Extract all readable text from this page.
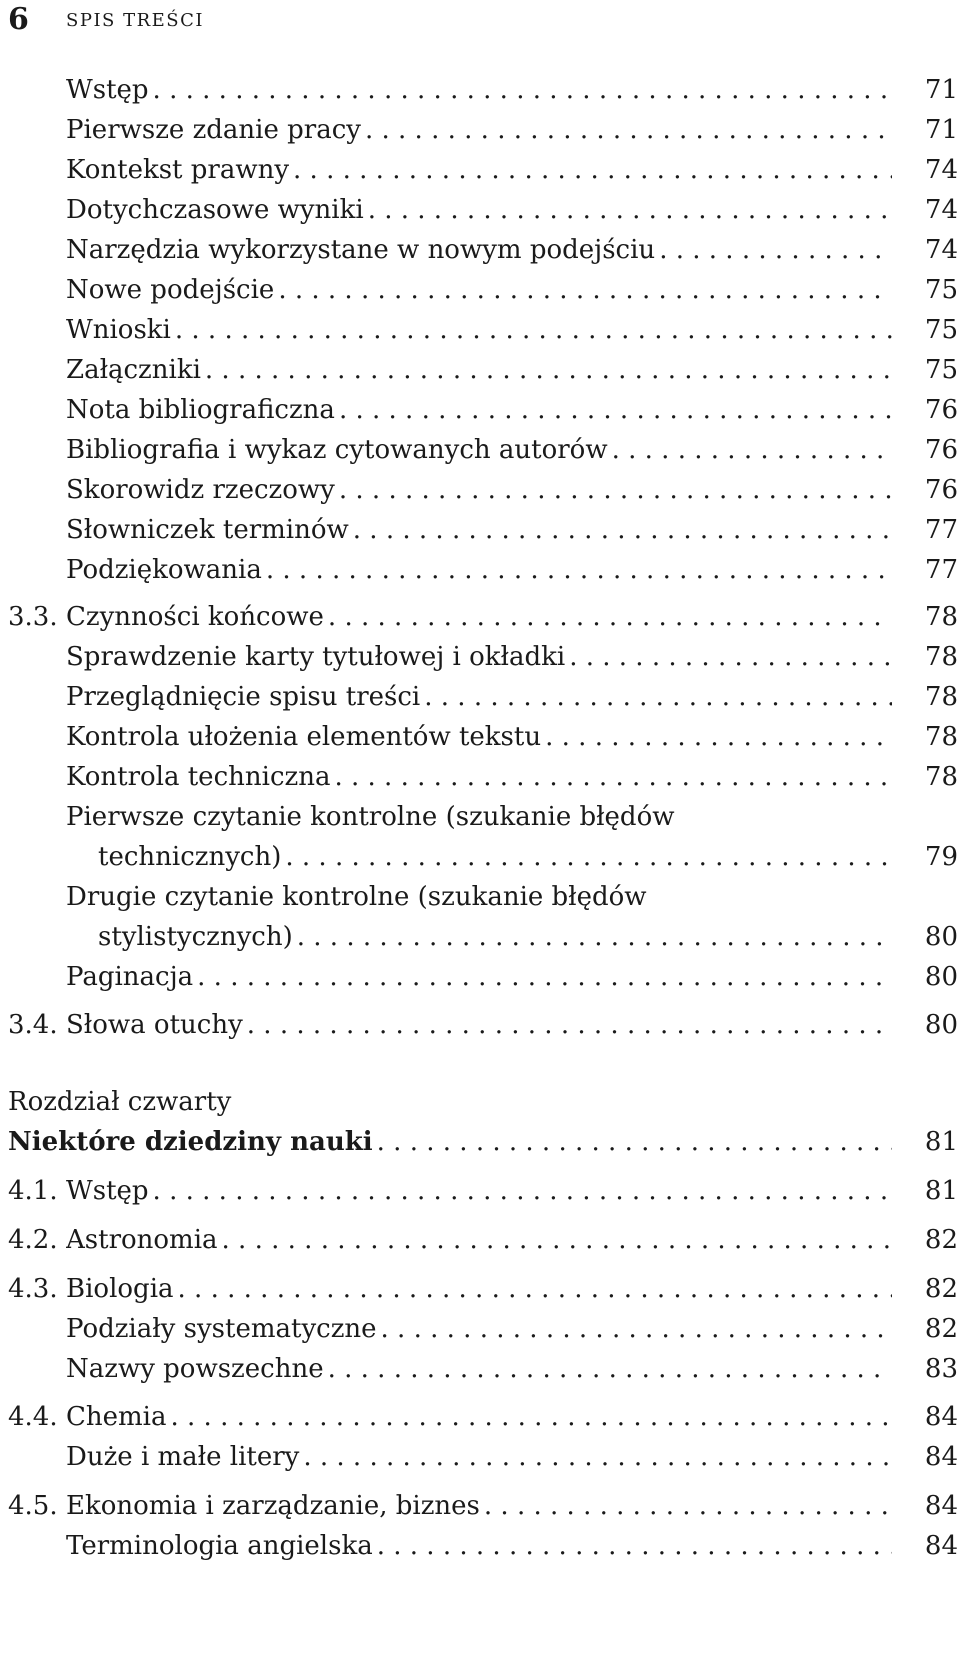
6 SPIS TREŚCI
Wstęp . . .	71
Pierwsze zdanie pracy . . .	71
Kontekst prawny . . .	74
Dotychczasowe wyniki . . .	74
Narzędzia wykorzystane w nowym podejściu . . .	74
Nowe podejście . . .	75
Wnioski . . .	75
Załączniki . . .	75
Nota bibliograficzna . . .	76
Bibliografia i wykaz cytowanych autorów . . .	76
Skorowidz rzeczowy . . .	76
Słowniczek terminów . . .	77
Podziękowania . . .	77
3.3. Czynności końcowe . . .	78
Sprawdzenie karty tytułowej i okładki . . .	78
Przeglądnięcie spisu treści . . .	78
Kontrola ułożenia elementów tekstu . . .	78
Kontrola techniczna . . .	78
Pierwsze czytanie kontrolne (szukanie błędów
technicznych) . . .	79
Drugie czytanie kontrolne (szukanie błędów
stylistycznych) . . .	80
Paginacja . . .	80
3.4. Słowa otuchy . . .	80
Rozdział czwarty
Niektóre dziedziny nauki . . .	81
4.1. Wstęp . . .	81
4.2. Astronomia . . .	82
4.3. Biologia . . .	82
Podziały systematyczne . . .	82
Nazwy powszechne . . .	83
4.4. Chemia . . .	84
Duże i małe litery . . .	84
4.5. Ekonomia i zarządzanie, biznes . . .	84
Terminologia angielska . . .	84
